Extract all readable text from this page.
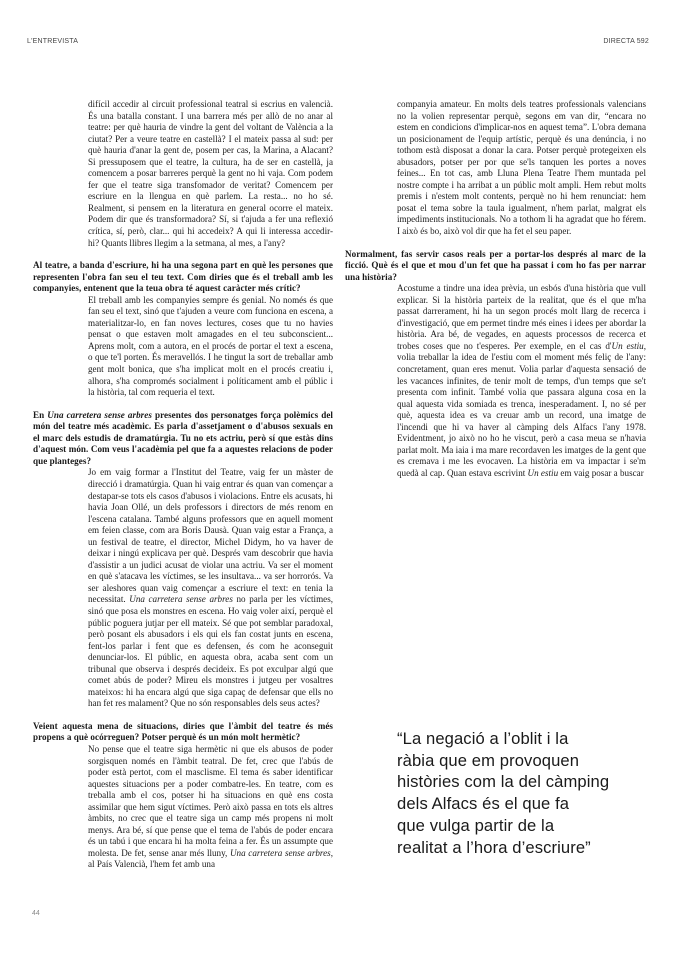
L'ENTREVISTA	DIRECTA 592

difícil accedir al circuit professional teatral si escrius en valencià. És una batalla constant. I una barrera més per allò de no anar al teatre: per què hauria de vindre la gent del voltant de València a la ciutat? Per a veure teatre en castellà? I el mateix passa al sud: per què hauria d'anar la gent de, posem per cas, la Marina, a Alacant? Si pressuposem que el teatre, la cultura, ha de ser en castellà, ja comencem a posar barreres perquè la gent no hi vaja. Com podem fer que el teatre siga transfomador de veritat? Comencem per escriure en la llengua en què parlem. La resta... no ho sé. Realment, si pensem en la literatura en general ocorre el mateix. Podem dir que és transformadora? Sí, si t'ajuda a fer una reflexió crítica, sí, però, clar... qui hi accedeix? A qui li interessa accedir-hi? Quants llibres llegim a la setmana, al mes, a l'any?

Al teatre, a banda d'escriure, hi ha una segona part en què les persones que representen l'obra fan seu el teu text. Com diries que és el treball amb les companyies, entenent que la teua obra té aquest caràcter més crític?

El treball amb les companyies sempre és genial. No només és que fan seu el text, sinó que t'ajuden a veure com funciona en escena, a materialitzar-lo, en fan noves lectures, coses que tu no havies pensat o que estaven molt amagades en el teu subconscient... Aprens molt, com a autora, en el procés de portar el text a escena, o que te'l porten. És meravellós. I he tingut la sort de treballar amb gent molt bonica, que s'ha implicat molt en el procés creatiu i, alhora, s'ha compromés socialment i políticament amb el públic i la història, tal com requeria el text.

En Una carretera sense arbres presentes dos personatges força polèmics del món del teatre més acadèmic. Es parla d'assetjament o d'abusos sexuals en el marc dels estudis de dramatúrgia. Tu no ets actriu, però sí que estàs dins d'aquest món. Com veus l'acadèmia pel que fa a aquestes relacions de poder que planteges?

Jo em vaig formar a l'Institut del Teatre, vaig fer un màster de direcció i dramatúrgia. Quan hi vaig entrar és quan van començar a destapar-se tots els casos d'abusos i violacions. Entre els acusats, hi havia Joan Ollé, un dels professors i directors de més renom en l'escena catalana. També alguns professors que en aquell moment em feien classe, com ara Boris Dausà. Quan vaig estar a França, a un festival de teatre, el director, Michel Didym, ho va haver de deixar i ningú explicava per què. Després vam descobrir que havia d'assistir a un judici acusat de violar una actriu. Va ser el moment en què s'atacava les víctimes, se les insultava... va ser horrorós. Va ser aleshores quan vaig començar a escriure el text: en tenia la necessitat. Una carretera sense arbres no parla per les víctimes, sinó que posa els monstres en escena. Ho vaig voler així, perquè el públic poguera jutjar per ell mateix. Sé que pot semblar paradoxal, però posant els abusadors i els qui els fan costat junts en escena, fent-los parlar i fent que es defensen, és com he aconseguit denunciar-los. El públic, en aquesta obra, acaba sent com un tribunal que observa i després decideix. Es pot exculpar algú que comet abús de poder? Mireu els monstres i jutgeu per vosaltres mateixos: hi ha encara algú que siga capaç de defensar que ells no han fet res malament? Que no són responsables dels seus actes?

Veient aquesta mena de situacions, diries que l'àmbit del teatre és més propens a què ocórreguen? Potser perquè és un món molt hermètic?

No pense que el teatre siga hermètic ni que els abusos de poder sorgisquen només en l'àmbit teatral. De fet, crec que l'abús de poder està pertot, com el masclisme. El tema és saber identificar aquestes situacions per a poder combatre-les. En teatre, com es treballa amb el cos, potser hi ha situacions en què ens costa assimilar que hem sigut víctimes. Però això passa en tots els altres àmbits, no crec que el teatre siga un camp més propens ni molt menys. Ara bé, sí que pense que el tema de l'abús de poder encara és un tabú i que encara hi ha molta feina a fer. És un assumpte que molesta. De fet, sense anar més lluny, Una carretera sense arbres, al País Valencià, l'hem fet amb una

companyia amateur. En molts dels teatres professionals valencians no la volien representar perquè, segons em van dir, “encara no estem en condicions d'implicar-nos en aquest tema”. L'obra demana un posicionament de l'equip artístic, perquè és una denúncia, i no tothom està disposat a donar la cara. Potser perquè protegeixen els abusadors, potser per por que se'ls tanquen les portes a noves feines... En tot cas, amb Lluna Plena Teatre l'hem muntada pel nostre compte i ha arribat a un públic molt ampli. Hem rebut molts premis i n'estem molt contents, perquè no hi hem renunciat: hem posat el tema sobre la taula igualment, n'hem parlat, malgrat els impediments institucionals. No a tothom li ha agradat que ho férem. I això és bo, això vol dir que ha fet el seu paper.

Normalment, fas servir casos reals per a portar-los després al marc de la ficció. Què és el que et mou d'un fet que ha passat i com ho fas per narrar una història?

Acostume a tindre una idea prèvia, un esbós d'una història que vull explicar. Si la història parteix de la realitat, que és el que m'ha passat darrerament, hi ha un segon procés molt llarg de recerca i d'investigació, que em permet tindre més eines i idees per abordar la història. Ara bé, de vegades, en aquests processos de recerca et trobes coses que no t'esperes. Per exemple, en el cas d'Un estiu, volia treballar la idea de l'estiu com el moment més feliç de l'any: concretament, quan eres menut. Volia parlar d'aquesta sensació de les vacances infinites, de tenir molt de temps, d'un temps que se't presenta com infinit. També volia que passara alguna cosa en la qual aquesta vida somiada es trenca, inesperadament. I, no sé per què, aquesta idea es va creuar amb un record, una imatge de l'incendi que hi va haver al càmping dels Alfacs l'any 1978. Evidentment, jo això no ho he viscut, però a casa meua se n'havia parlat molt. Ma iaia i ma mare recordaven les imatges de la gent que es cremava i me les evocaven. La història em va impactar i se'm quedà al cap. Quan estava escrivint Un estiu em vaig posar a buscar

“La negació a l’oblit i la
ràbia que em provoquen
històries com la del càmping
dels Alfacs és el que fa
que vulga partir de la
realitat a l’hora d’escriure”
44
